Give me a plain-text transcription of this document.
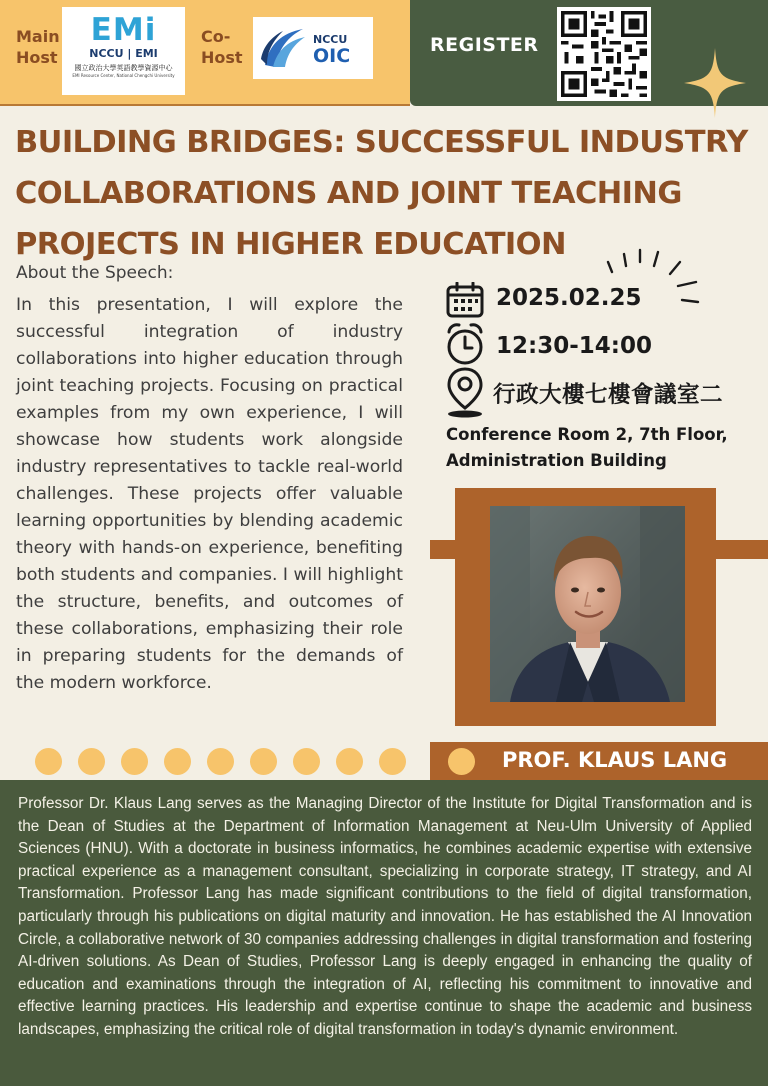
Main
Host
EMi
NCCU | EMI
國立政治大學英語教學資源中心
EMI Resource Center, National Chengchi University
Co-
Host
NCCU
OIC	REGISTER
BUILDING BRIDGES: SUCCESSFUL INDUSTRY
COLLABORATIONS AND JOINT TEACHING
PROJECTS IN HIGHER EDUCATION
About the Speech:
In this presentation, I will explore the successful integration of industry collaborations into higher education through joint teaching projects. Focusing on practical examples from my own experience, I will showcase how students work alongside industry representatives to tackle real-world challenges. These projects offer valuable learning opportunities by blending academic theory with hands-on experience, benefiting both students and companies. I will highlight the structure, benefits, and outcomes of these collaborations, emphasizing their role in preparing students for the demands of the modern workforce.
2025.02.25
12:30-14:00
行政大樓七樓會議室二
Conference Room 2, 7th Floor,
Administration Building
PROF. KLAUS LANG
Professor Dr. Klaus Lang serves as the Managing Director of the Institute for Digital Transformation and is the Dean of Studies at the Department of Information Management at Neu-Ulm University of Applied Sciences (HNU). With a doctorate in business informatics, he combines academic expertise with extensive practical experience as a management consultant, specializing in corporate strategy, IT strategy, and AI Transformation. Professor Lang has made significant contributions to the field of digital transformation, particularly through his publications on digital maturity and innovation. He has established the AI Innovation Circle, a collaborative network of 30 companies addressing challenges in digital transformation and fostering AI-driven solutions. As Dean of Studies, Professor Lang is deeply engaged in enhancing the quality of education and examinations through the integration of AI, reflecting his commitment to innovative and effective learning practices. His leadership and expertise continue to shape the academic and business landscapes, emphasizing the critical role of digital transformation in today's dynamic environment.
